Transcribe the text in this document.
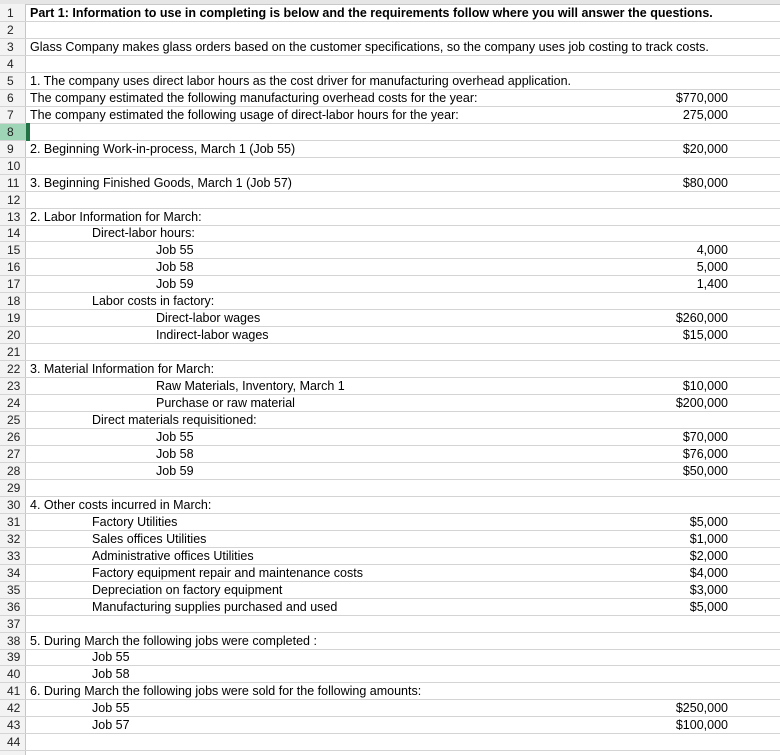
1	Part 1: Information to use in completing is below and the requirements follow where you will answer the questions.
2
3	Glass Company makes glass orders based on the customer specifications, so the company uses job costing to track costs.
4
5	1. The company uses direct labor hours as the cost driver for manufacturing overhead application.
6	The company estimated the following manufacturing overhead costs for the year:	$770,000
7	The company estimated the following usage of direct-labor hours for the year:	275,000
8
9	2. Beginning Work-in-process, March 1 (Job 55)	$20,000
10
11 3. Beginning Finished Goods, March 1 (Job 57)	$80,000
12
13 2. Labor Information for March:
14	Direct-labor hours:
15	Job 55	4,000
16	Job 58	5,000
17	Job 59	1,400
18	Labor costs in factory:
19	Direct-labor wages	$260,000
20	Indirect-labor wages	$15,000
21
22 3. Material Information for March:
23	Raw Materials, Inventory, March 1	$10,000
24	Purchase or raw material	$200,000
25	Direct materials requisitioned:
26	Job 55	$70,000
27	Job 58	$76,000
28	Job 59	$50,000
29
30 4. Other costs incurred in March:
31	Factory Utilities	$5,000
32	Sales offices Utilities	$1,000
33	Administrative offices Utilities	$2,000
34	Factory equipment repair and maintenance costs	$4,000
35	Depreciation on factory equipment	$3,000
36	Manufacturing supplies purchased and used	$5,000
37
38 5. During March the following jobs were completed :
39	Job 55
40	Job 58
41 6. During March the following jobs were sold for the following amounts:
42	Job 55	$250,000
43	Job 57	$100,000
44
